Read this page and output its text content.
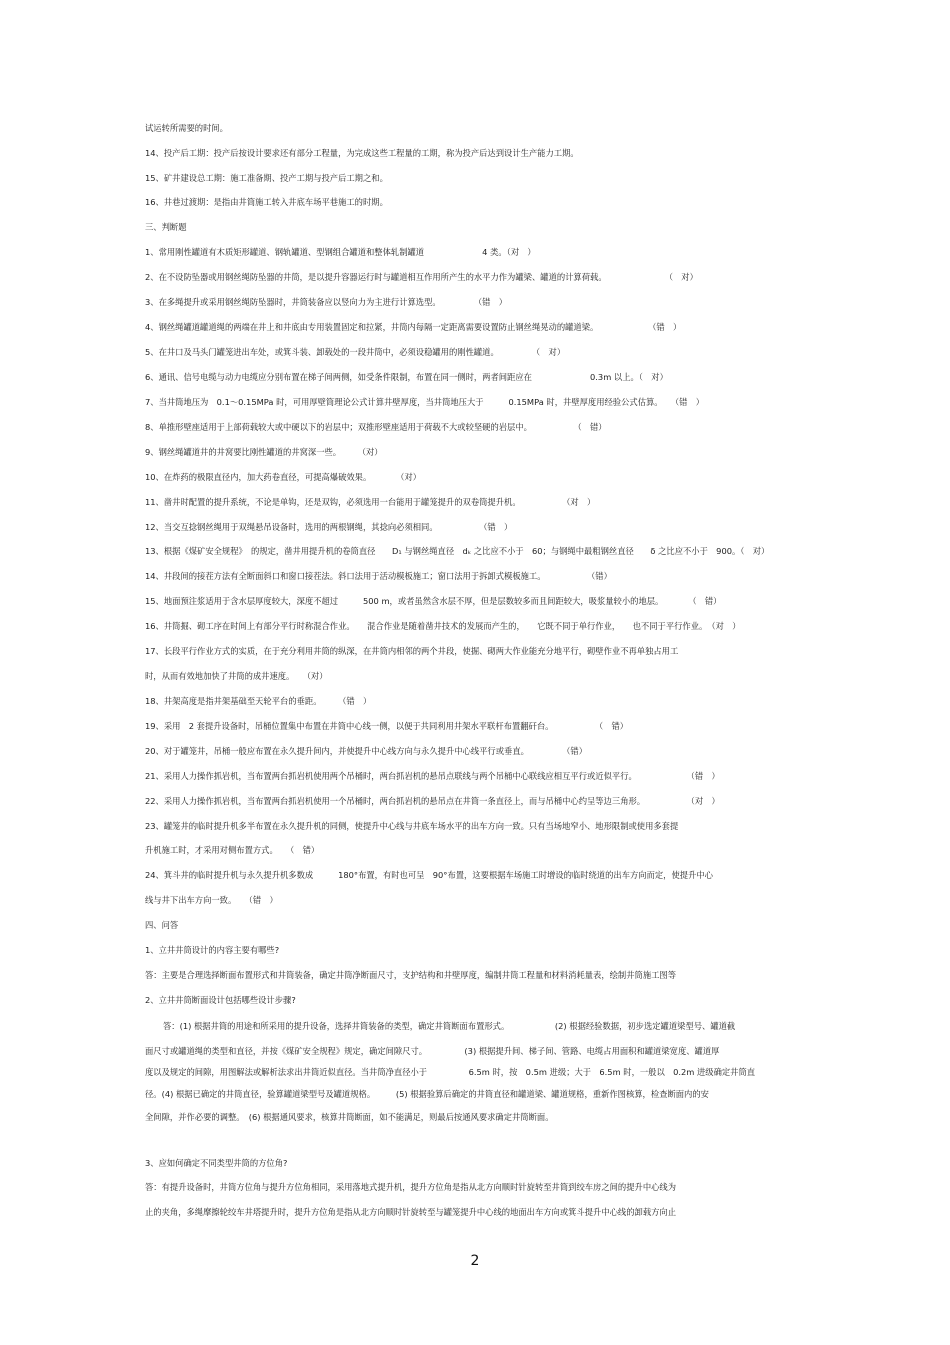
试运转所需要的时间。
14、投产后工期：投产后按设计要求还有部分工程量，为完成这些工程量的工期，称为投产后达到设计生产能力工期。
15、矿井建设总工期：施工准备期、投产工期与投产后工期之和。
16、井巷过渡期：是指由井筒施工转入井底车场平巷施工的时期。
三、判断题
1、常用刚性罐道有木质矩形罐道、钢轨罐道、型钢组合罐道和整体轧制罐道　　　　　　　4 类。（对　）
2、在不设防坠器或用钢丝绳防坠器的井筒，是以提升容器运行时与罐道相互作用所产生的水平力作为罐梁、罐道的计算荷载。　　　　　　　　（　对）
3、在多绳提升或采用钢丝绳防坠器时，井筒装备应以竖向力为主进行计算选型。　　　　　（错　）
4、钢丝绳罐道罐道绳的两端在井上和井底由专用装置固定和拉紧，井筒内每隔一定距离需要设置防止钢丝绳晃动的罐道梁。　　　　　　　（错　）
5、在井口及马头门罐笼进出车处，或箕斗装、卸载处的一段井筒中，必须设稳罐用的刚性罐道。　　　　　（　对）
6、通讯、信号电缆与动力电缆应分别布置在梯子间两侧，如受条件限制，布置在同一侧时，两者间距应在　　　　　　　0.3m 以上。（　对）
7、当井筒地压为　0.1～0.15MPa 时，可用厚壁筒理论公式计算井壁厚度，当井筒地压大于　　　0.15MPa 时，井壁厚度用经验公式估算。　　（错　）
8、单推形壁座适用于上部荷载较大或中硬以下的岩层中；双推形壁座适用于荷载不大或较坚硬的岩层中。　　　　　　（　错）
9、钢丝绳罐道井的井窝要比刚性罐道的井窝深一些。　　　（对）
10、在炸药的极限直径内，加大药卷直径，可提高爆破效果。　　　　（对）
11、凿井时配置的提升系统，不论是单钩，还是双钩，必须选用一台能用于罐笼提升的双卷筒提升机。　　　　　　（对　）
12、当交互捻钢丝绳用于双绳悬吊设备时，选用的两根钢绳，其捻向必须相同。　　　　　　（错　）
13、根据《煤矿安全规程》　的规定，凿井用提升机的卷筒直径　　D₁ 与钢丝绳直径　dₖ 之比应不小于　60；与钢绳中最粗钢丝直径　　δ 之比应不小于　900。（　对）
14、井段间的接茬方法有全断面斜口和窗口接茬法。斜口法用于活动模板施工；窗口法用于拆卸式模板施工。　　　　　　（错）
15、地面预注浆适用于含水层厚度较大，深度不超过　　　500 m，或者虽然含水层不厚，但是层数较多而且间距较大，吸浆量较小的地层。　　　　（　错）
16、井筒掘、砌工序在时间上有部分平行时称混合作业。　　混合作业是随着凿井技术的发展而产生的，　　它既不同于单行作业，　　也不同于平行作业。　（对　）
17、长段平行作业方式的实质，在于充分利用井筒的纵深，在井筒内相邻的两个井段，使掘、砌两大作业能充分地平行，砌壁作业不再单独占用工
时，从而有效地加快了井筒的成井速度。　　（对）
18、井架高度是指井架基础至天轮平台的垂距。　　　（错　）
19、采用　2 套提升设备时，吊桶位置集中布置在井筒中心线一侧，以便于共同利用井架水平联杆布置翻矸台。　　　　　　（　错）
20、对于罐笼井，吊桶一般应布置在永久提升间内，并使提升中心线方向与永久提升中心线平行或垂直。　　　　　（错）
21、采用人力操作抓岩机，当布置两台抓岩机使用两个吊桶时，两台抓岩机的悬吊点联线与两个吊桶中心联线应相互平行或近似平行。　　　　　　　（错　）
22、采用人力操作抓岩机，当布置两台抓岩机使用一个吊桶时，两台抓岩机的悬吊点在井筒一条直径上，而与吊桶中心约呈等边三角形。　　　　　　（对　）
23、罐笼井的临时提升机多半布置在永久提升机的同侧，使提升中心线与井底车场水平的出车方向一致。只有当场地窄小、地形限制或使用多套提
升机施工时，才采用对侧布置方式。　　（　错）
24、箕斗井的临时提升机与永久提升机多数成　　　180°布置，有时也可呈　90°布置，这要根据车场施工时增设的临时绕道的出车方向而定，使提升中心
线与井下出车方向一致。　　（错　）
四、问答
1、立井井筒设计的内容主要有哪些?
答：主要是合理选择断面布置形式和井筒装备，确定井筒净断面尺寸，支护结构和井壁厚度，编制井筒工程量和材料消耗量表，绘制井筒施工图等
2、立井井筒断面设计包括哪些设计步骤?
答：(1) 根据井筒的用途和所采用的提升设备，选择井筒装备的类型，确定井筒断面布置形式。　　　　　　(2) 根据经验数据，初步选定罐道梁型号、罐道截
面尺寸或罐道绳的类型和直径，并按《煤矿安全规程》规定，确定间隙尺寸。　　　　　(3) 根据提升间、梯子间、管路、电缆占用面积和罐道梁宽度、罐道厚
度以及规定的间隙，用图解法或解析法求出井筒近似直径。当井筒净直径小于　　　　　6.5m 时，按　0.5m 进级；大于　6.5m 时，一般以　0.2m 进级确定井筒直
径。(4) 根据已确定的井筒直径，验算罐道梁型号及罐道规格。　　　(5) 根据验算后确定的井筒直径和罐道梁、罐道规格，重新作图核算，检查断面内的安
全间隙，并作必要的调整。　(6) 根据通风要求，核算井筒断面，如不能满足，则最后按通风要求确定井筒断面。
3、应如何确定不同类型井筒的方位角?
答：有提升设备时，井筒方位角与提升方位角相同，采用落地式提升机，提升方位角是指从北方向顺时针旋转至井筒到绞车房之间的提升中心线为
止的夹角，多绳摩擦轮绞车井塔提升时，提升方位角是指从北方向顺时针旋转至与罐笼提升中心线的地面出车方向或箕斗提升中心线的卸载方向止
2
